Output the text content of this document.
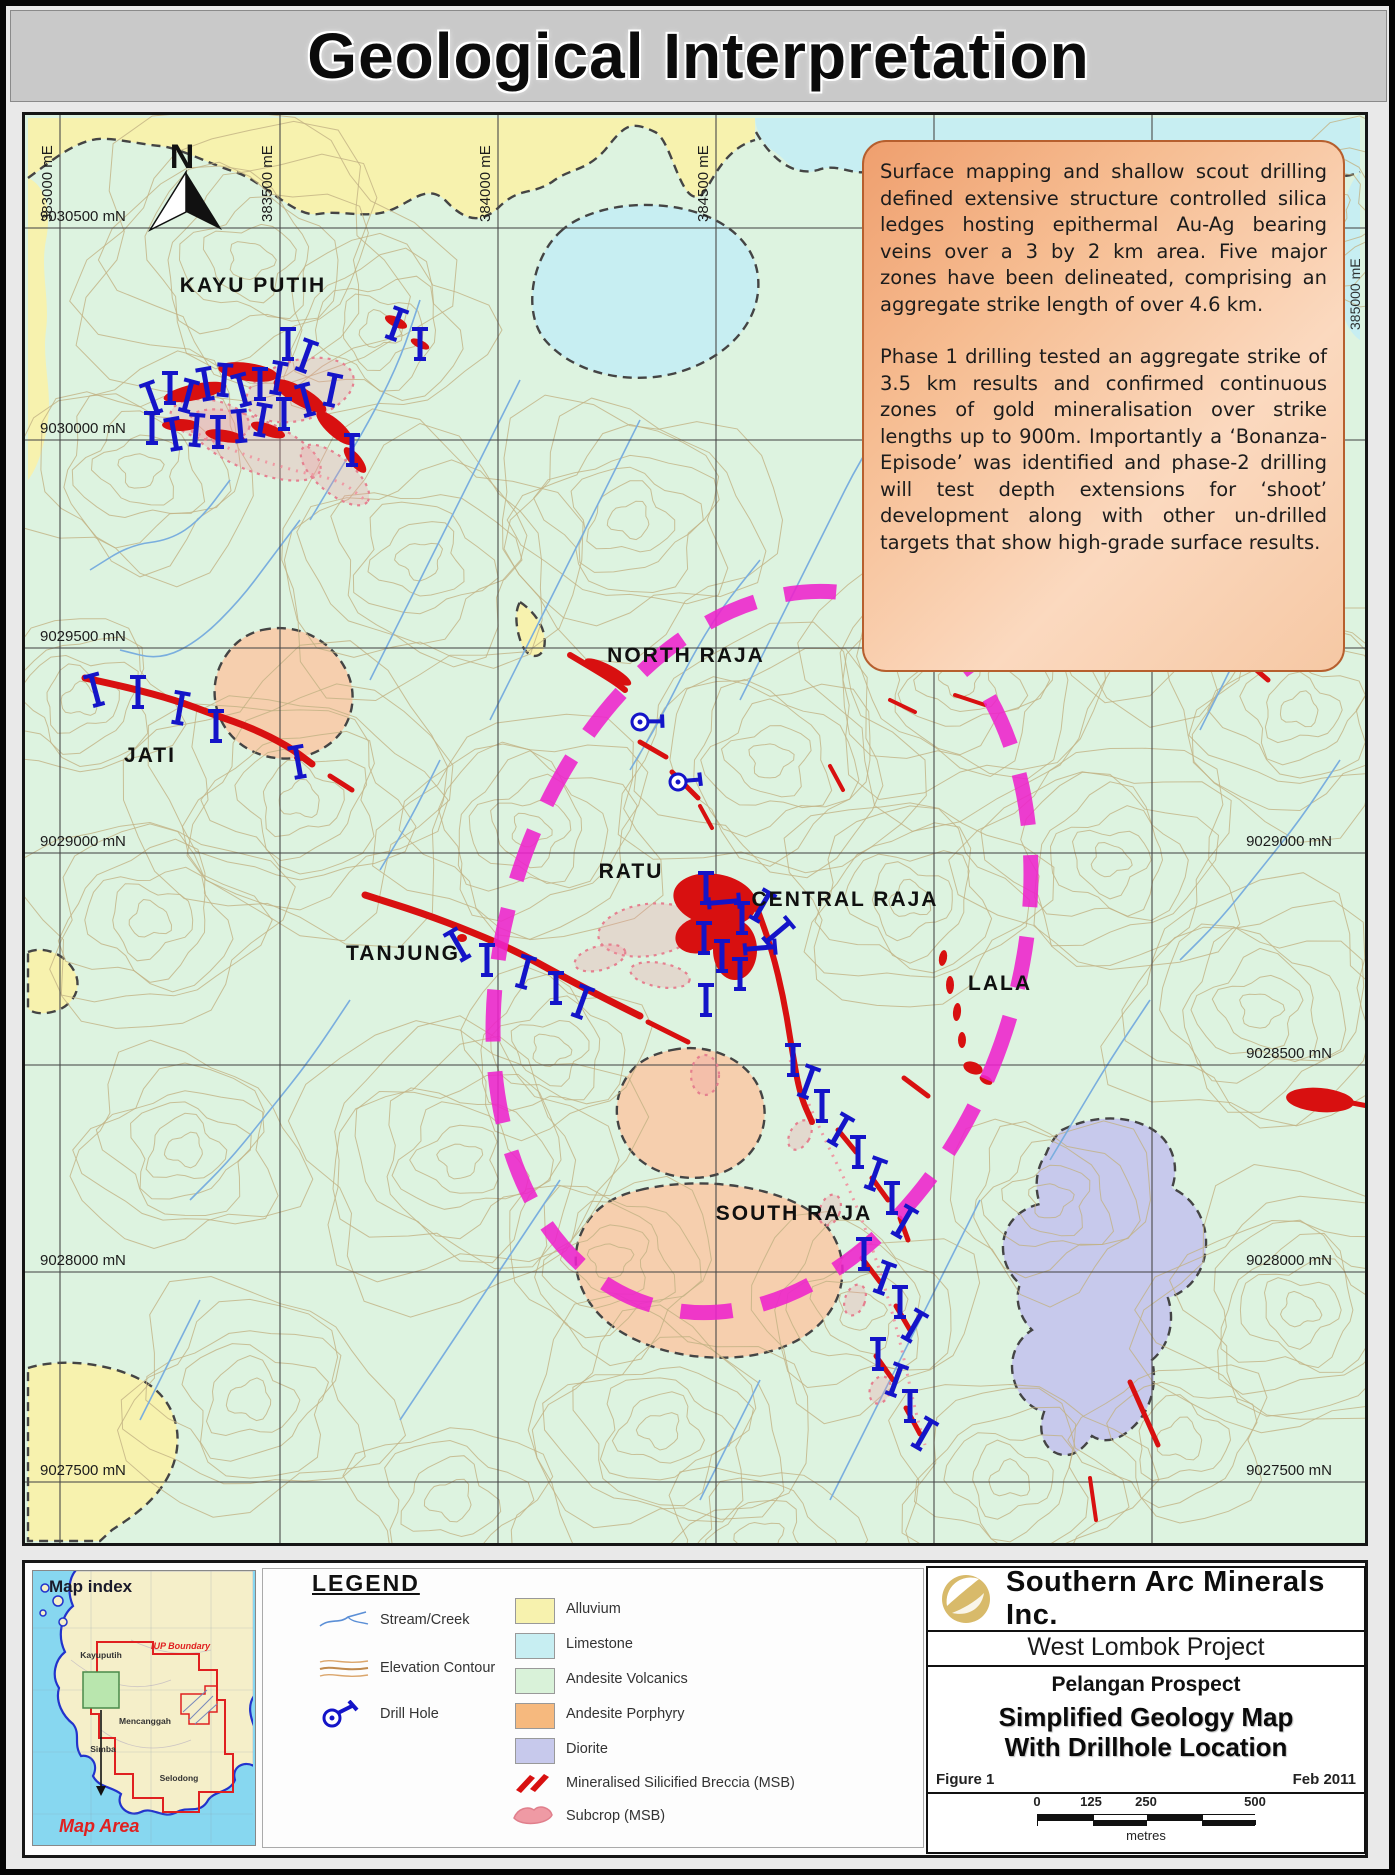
Geological Interpretation
KAYU PUTIH
JATI
NORTH RAJA
RATU
CENTRAL RAJA
TANJUNG
LALA
SOUTH RAJA
9030500 mN
9030000 mN
9029500 mN
9029000 mN	9029000 mN
9028500 mN
9028000 mN	9028000 mN
9027500 mN	9027500 mN
383000 mE	383500 mE	384000 mE	384500 mE
385000 mE
N	Surface mapping and shallow scout drilling defined extensive structure controlled silica ledges hosting epithermal Au-Ag bearing veins over a 3 by 2 km area. Five major zones have been delineated, comprising an aggregate strike length of over 4.6 km.

Phase 1 drilling tested an aggregate strike of 3.5 km results and confirmed continuous zones of gold mineralisation over strike lengths up to 900m. Importantly a ‘Bonanza-Episode’ was identified and phase-2 drilling will test depth extensions for ‘shoot’ development along with other un-drilled targets that show high-grade surface results.

Map index
IUP Boundary
Kayuputih
Mencanggah
Simba
Selodong
Map Area
LEGEND
Stream/Creek
Elevation Contour
Drill Hole
Alluvium
Limestone
Andesite Volcanics
Andesite Porphyry
Diorite
Mineralised Silicified Breccia (MSB)
Subcrop (MSB)
Southern Arc Minerals Inc.
West Lombok Project
Pelangan Prospect
Simplified Geology Map
With Drillhole Location
Figure 1	Feb 2011
0	125	250	500
metres
